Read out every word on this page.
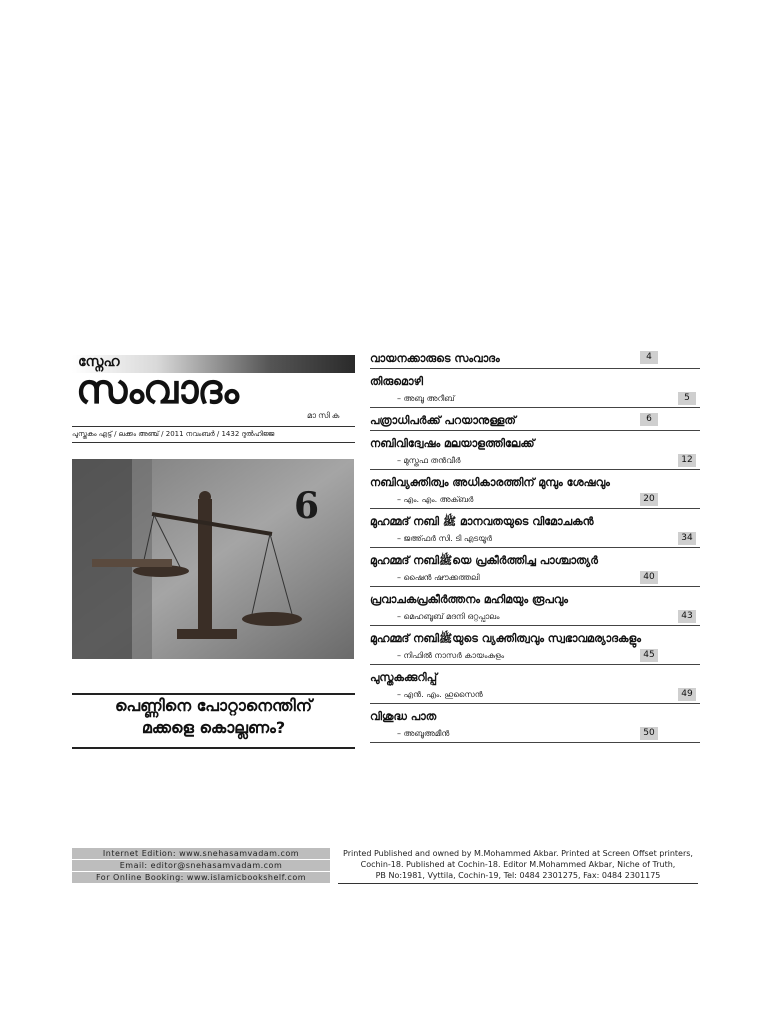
സ്നേഹ
സംവാദം
മാസിക
പുസ്തകം എട്ട് / ലക്കം അഞ്ച് / 2011 നവംബർ / 1432 ദുൽഹിജ്ജ
6
പെണ്ണിനെ പോറ്റാനെന്തിന്
മക്കളെ കൊല്ലണം?
വായനക്കാരുടെ സംവാദം	4
തിരുമൊഴി
– അബൂ അറീബ്	5
പത്രാധിപർക്ക് പറയാനുള്ളത്	6
നബിവിദ്വേഷം മലയാളത്തിലേക്ക്
– മുസ്തഫ തൻവീർ	12
നബിവ്യക്തിത്വം അധികാരത്തിന് മുമ്പും ശേഷവും
– എം. എം. അക്ബർ	20
മുഹമ്മദ് നബി ﷺ മാനവതയുടെ വിമോചകൻ
– ജഅ്ഫർ സി. ടി എടയൂർ	34
മുഹമ്മദ് നബിﷺയെ പ്രകീർത്തിച്ച പാശ്ചാത്യർ
– ഷൈൻ ഷൗക്കത്തലി	40
പ്രവാചകപ്രകീർത്തനം മഹിമയും രൂപവും
– മെഹബൂബ് മദനി ഒറ്റപ്പാലം	43
മുഹമ്മദ് നബിﷺയുടെ വ്യക്തിത്വവും സ്വഭാവമര്യാദകളും
– നിഫിൽ നാസർ കായംകുളം	45
പുസ്തകക്കുറിപ്പ്
– എൻ. എം. ഹുസൈൻ	49
വിശുദ്ധ പാത
– അബൂഅമീൻ	50
Internet Edition: www.snehasamvadam.com
Email: editor@snehasamvadam.com
For Online Booking: www.islamicbookshelf.com
Printed Published and owned by M.Mohammed Akbar. Printed at Screen Offset printers,
Cochin-18. Published at Cochin-18. Editor M.Mohammed Akbar, Niche of Truth,
PB No:1981, Vyttila, Cochin-19, Tel: 0484 2301275, Fax: 0484 2301175
